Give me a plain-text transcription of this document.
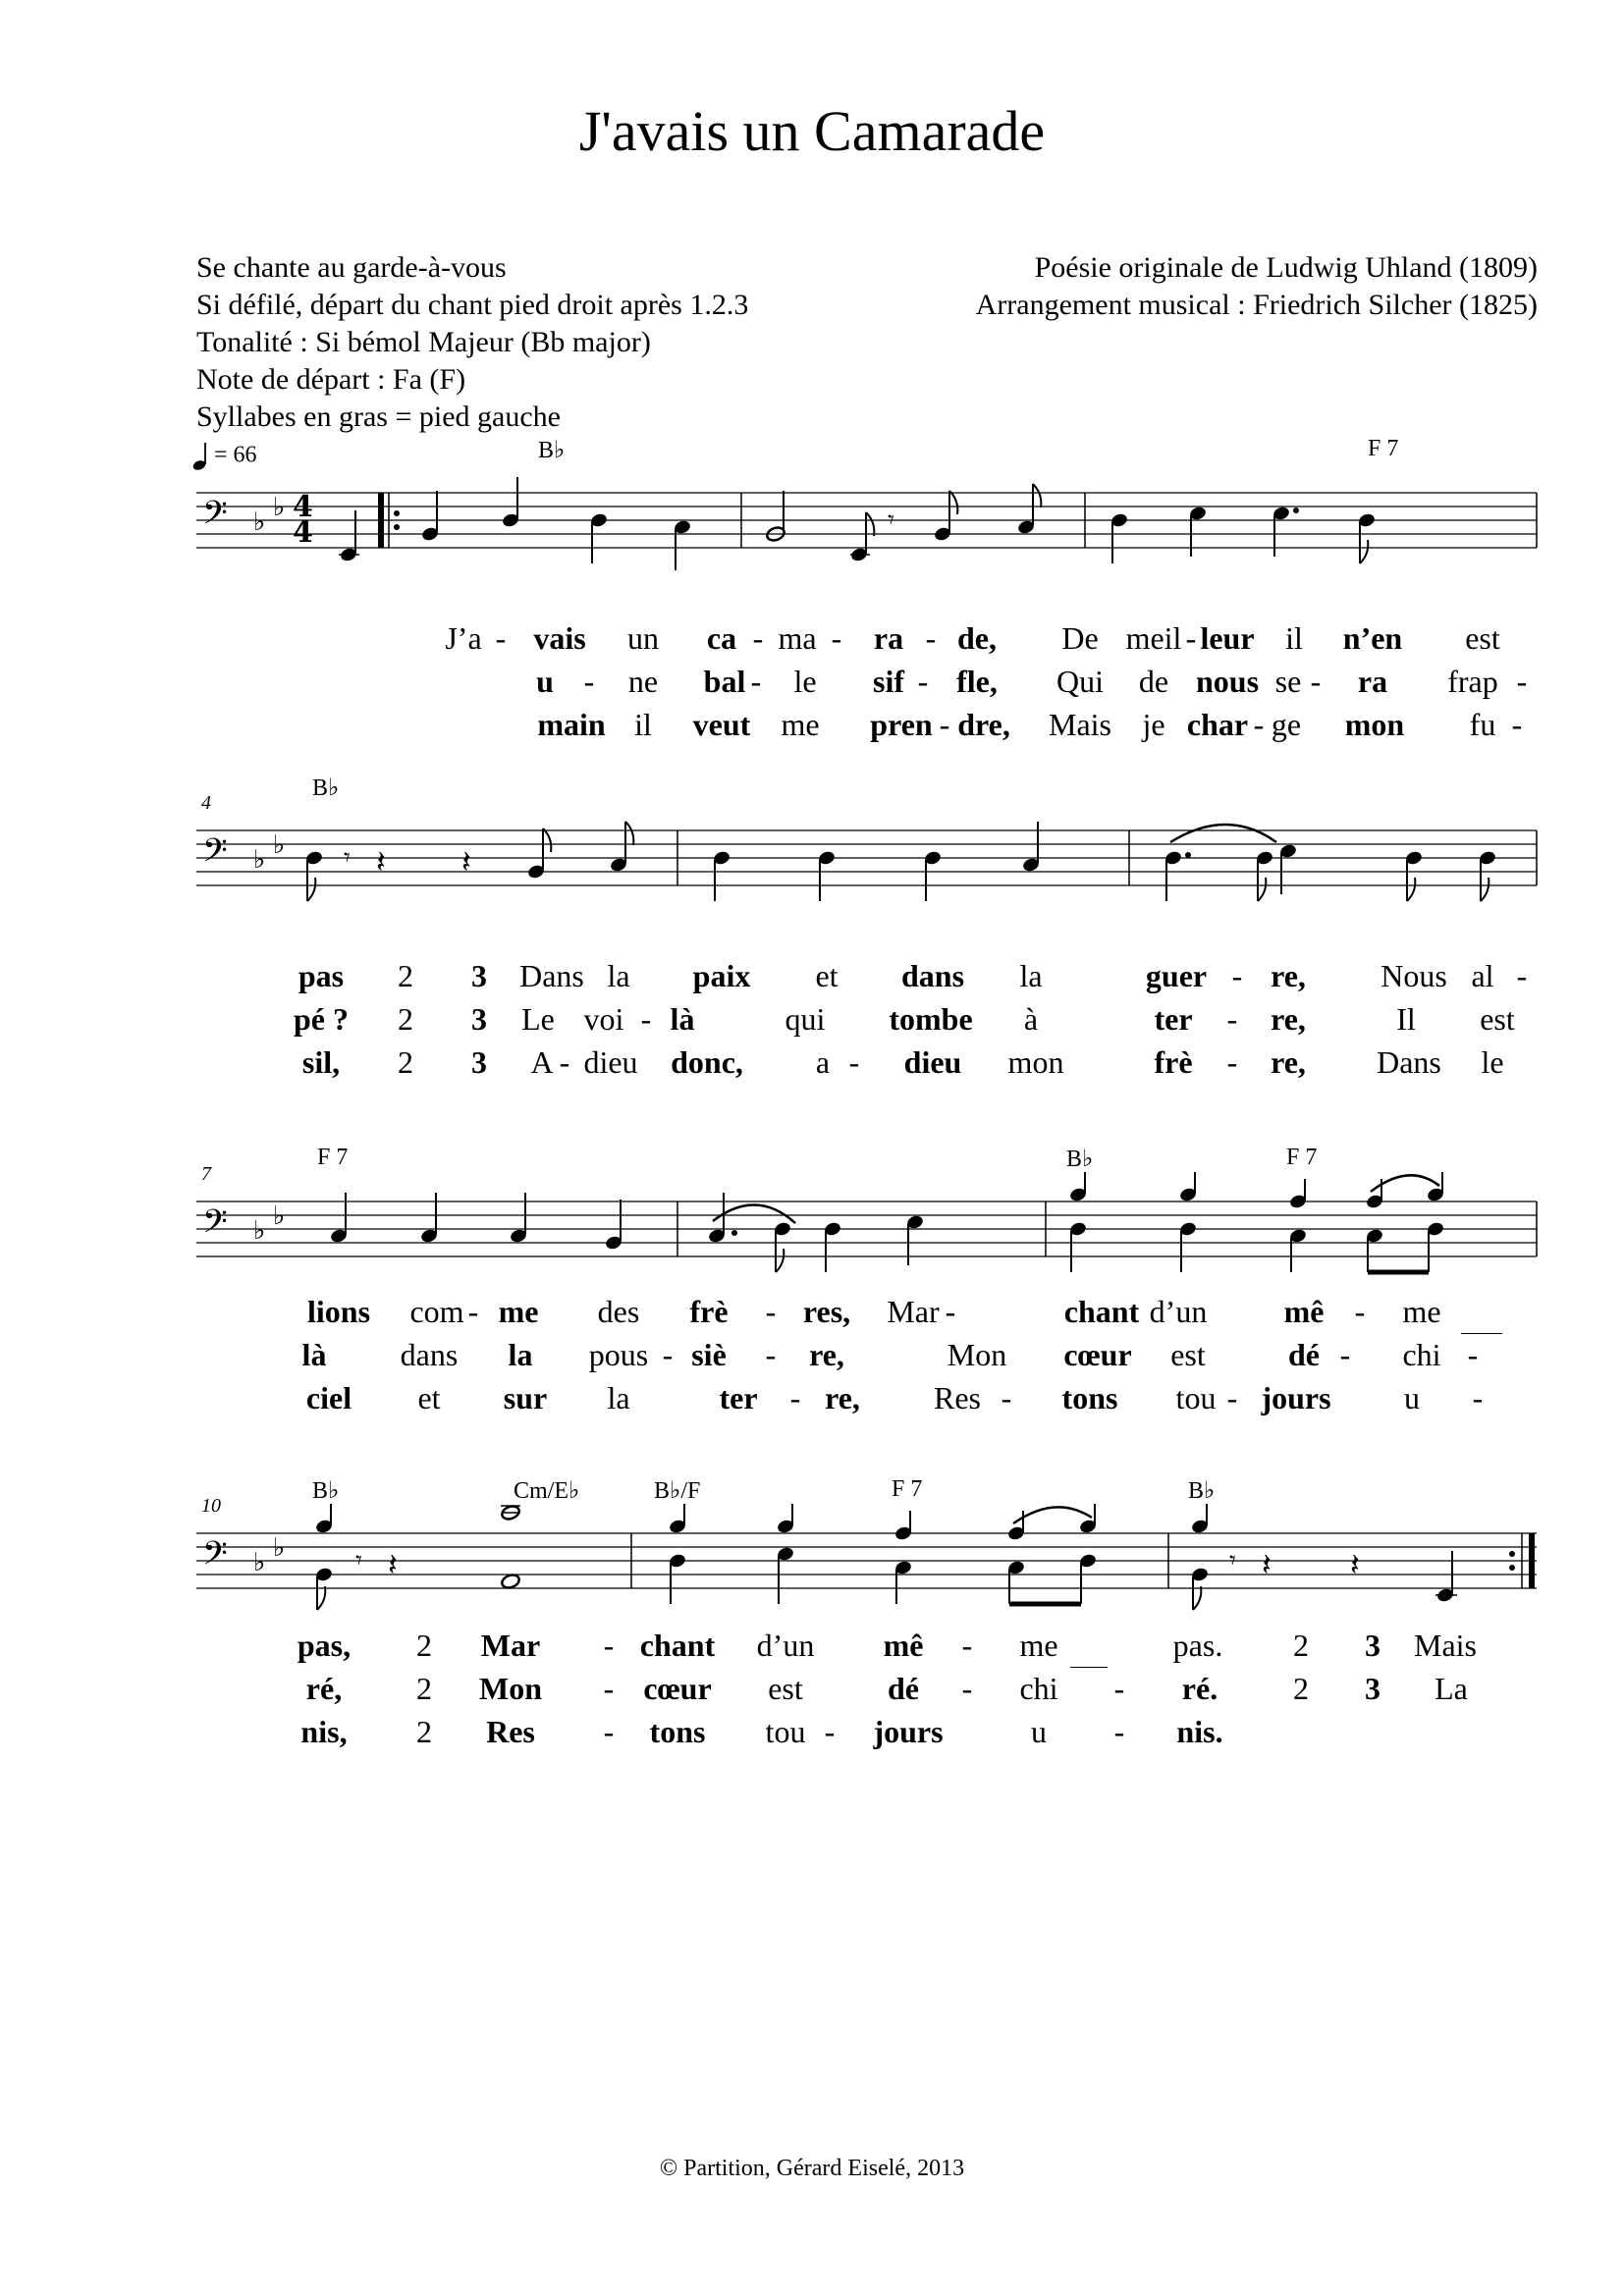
J'avais un Camarade
Se chante au garde-à-vous
Si défilé, départ du chant pied droit après 1.2.3
Tonalité : Si bémol Majeur (Bb major)
Note de départ : Fa (F)
Syllabes en gras = pied gauche
Poésie originale de Ludwig Uhland (1809)
Arrangement musical : Friedrich Silcher (1825)
= 66
𝄢 ♭ ♭ 4
4	𝄾
𝄢 ♭ ♭ 𝄾 𝄽 𝄽
4
𝄢 ♭ ♭
7
𝄢 ♭ ♭	𝄾 𝄽	𝄾 𝄽	𝄽
10
J’a - vais un ca - ma - ra - de, De meil - leur il n’en est
u - ne bal - le sif - fle, Qui de nous se - ra frap -
main il veut me pren - dre, Mais je char - ge mon fu -
pas 2 3 Dans la paix et dans la	guer - re, Nous al -
pé ? 2 3 Le voi - là	qui tombe à	ter - re,	Il est
sil, 2 3 A - dieu donc, a - dieu mon	frè - re, Dans le
lions com - me des frè - res, Mar -	chant d’un mê - me
là dans la pous - siè - re,	Mon cœur est	dé - chi -
ciel et sur la	ter - re, Res - tons tou - jours u -
pas, 2 Mar - chant d’un mê - me	pas. 2 3 Mais
ré, 2 Mon - cœur est	dé - chi - ré. 2 3 La
nis, 2 Res - tons tou - jours	u - nis.
B♭	F 7
B♭
F 7	B♭	F 7
B♭	Cm/E♭	B♭/F	F 7	B♭
© Partition, Gérard Eiselé, 2013
